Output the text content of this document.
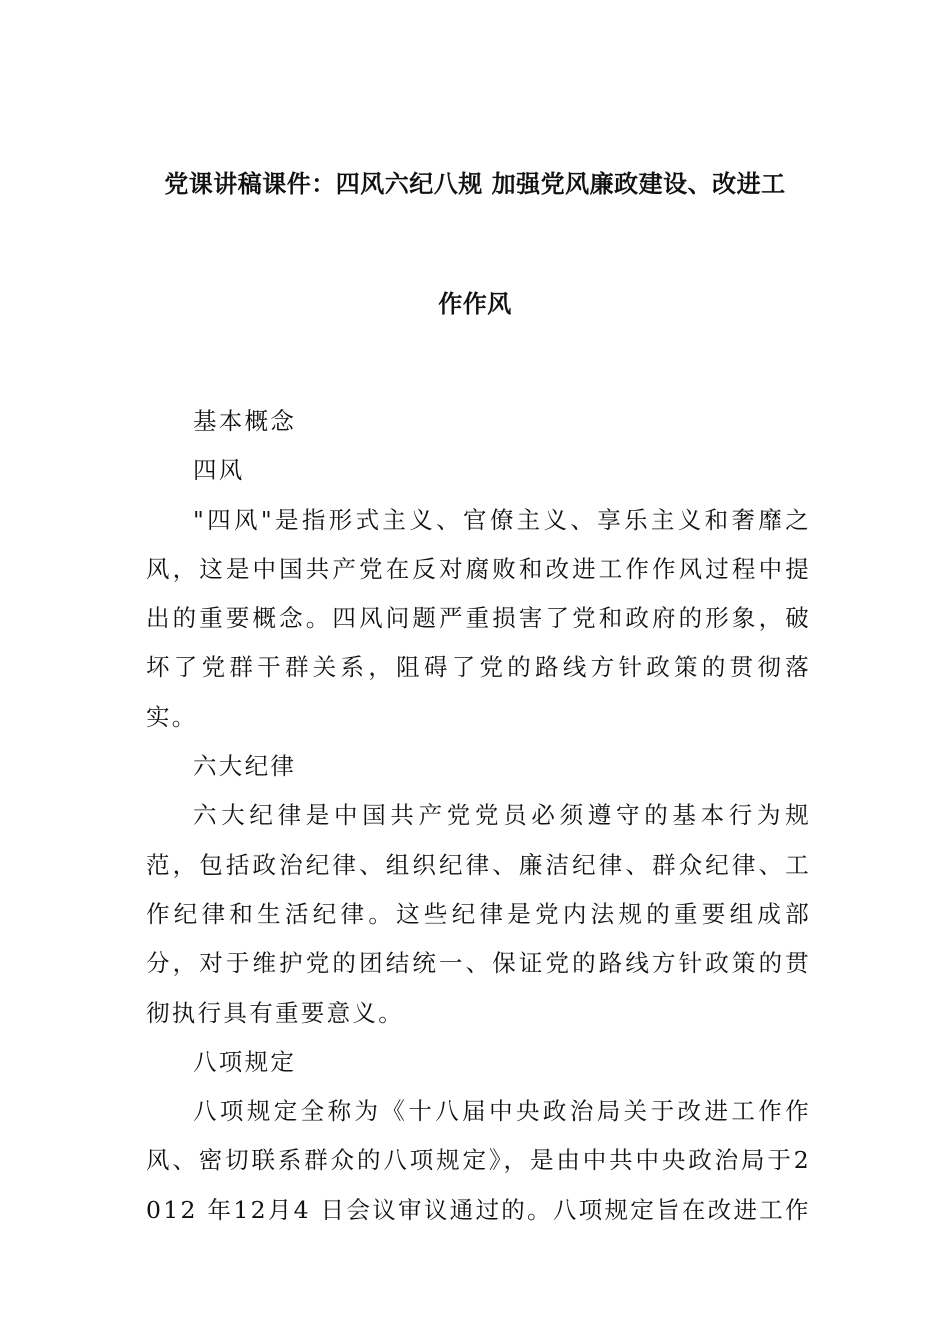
党课讲稿课件：四风六纪八规 加强党风廉政建设、改进工
作作风

基本概念

四风

"四风"是指形式主义、官僚主义、享乐主义和奢靡之风，这是中国共产党在反对腐败和改进工作作风过程中提出的重要概念。四风问题严重损害了党和政府的形象，破坏了党群干群关系，阻碍了党的路线方针政策的贯彻落实。

六大纪律

六大纪律是中国共产党党员必须遵守的基本行为规范，包括政治纪律、组织纪律、廉洁纪律、群众纪律、工作纪律和生活纪律。这些纪律是党内法规的重要组成部分，对于维护党的团结统一、保证党的路线方针政策的贯彻执行具有重要意义。

八项规定

八项规定全称为《十八届中央政治局关于改进工作作风、密切联系群众的八项规定》，是由中共中央政治局于2012 年12月4 日会议审议通过的。八项规定旨在改进工作
